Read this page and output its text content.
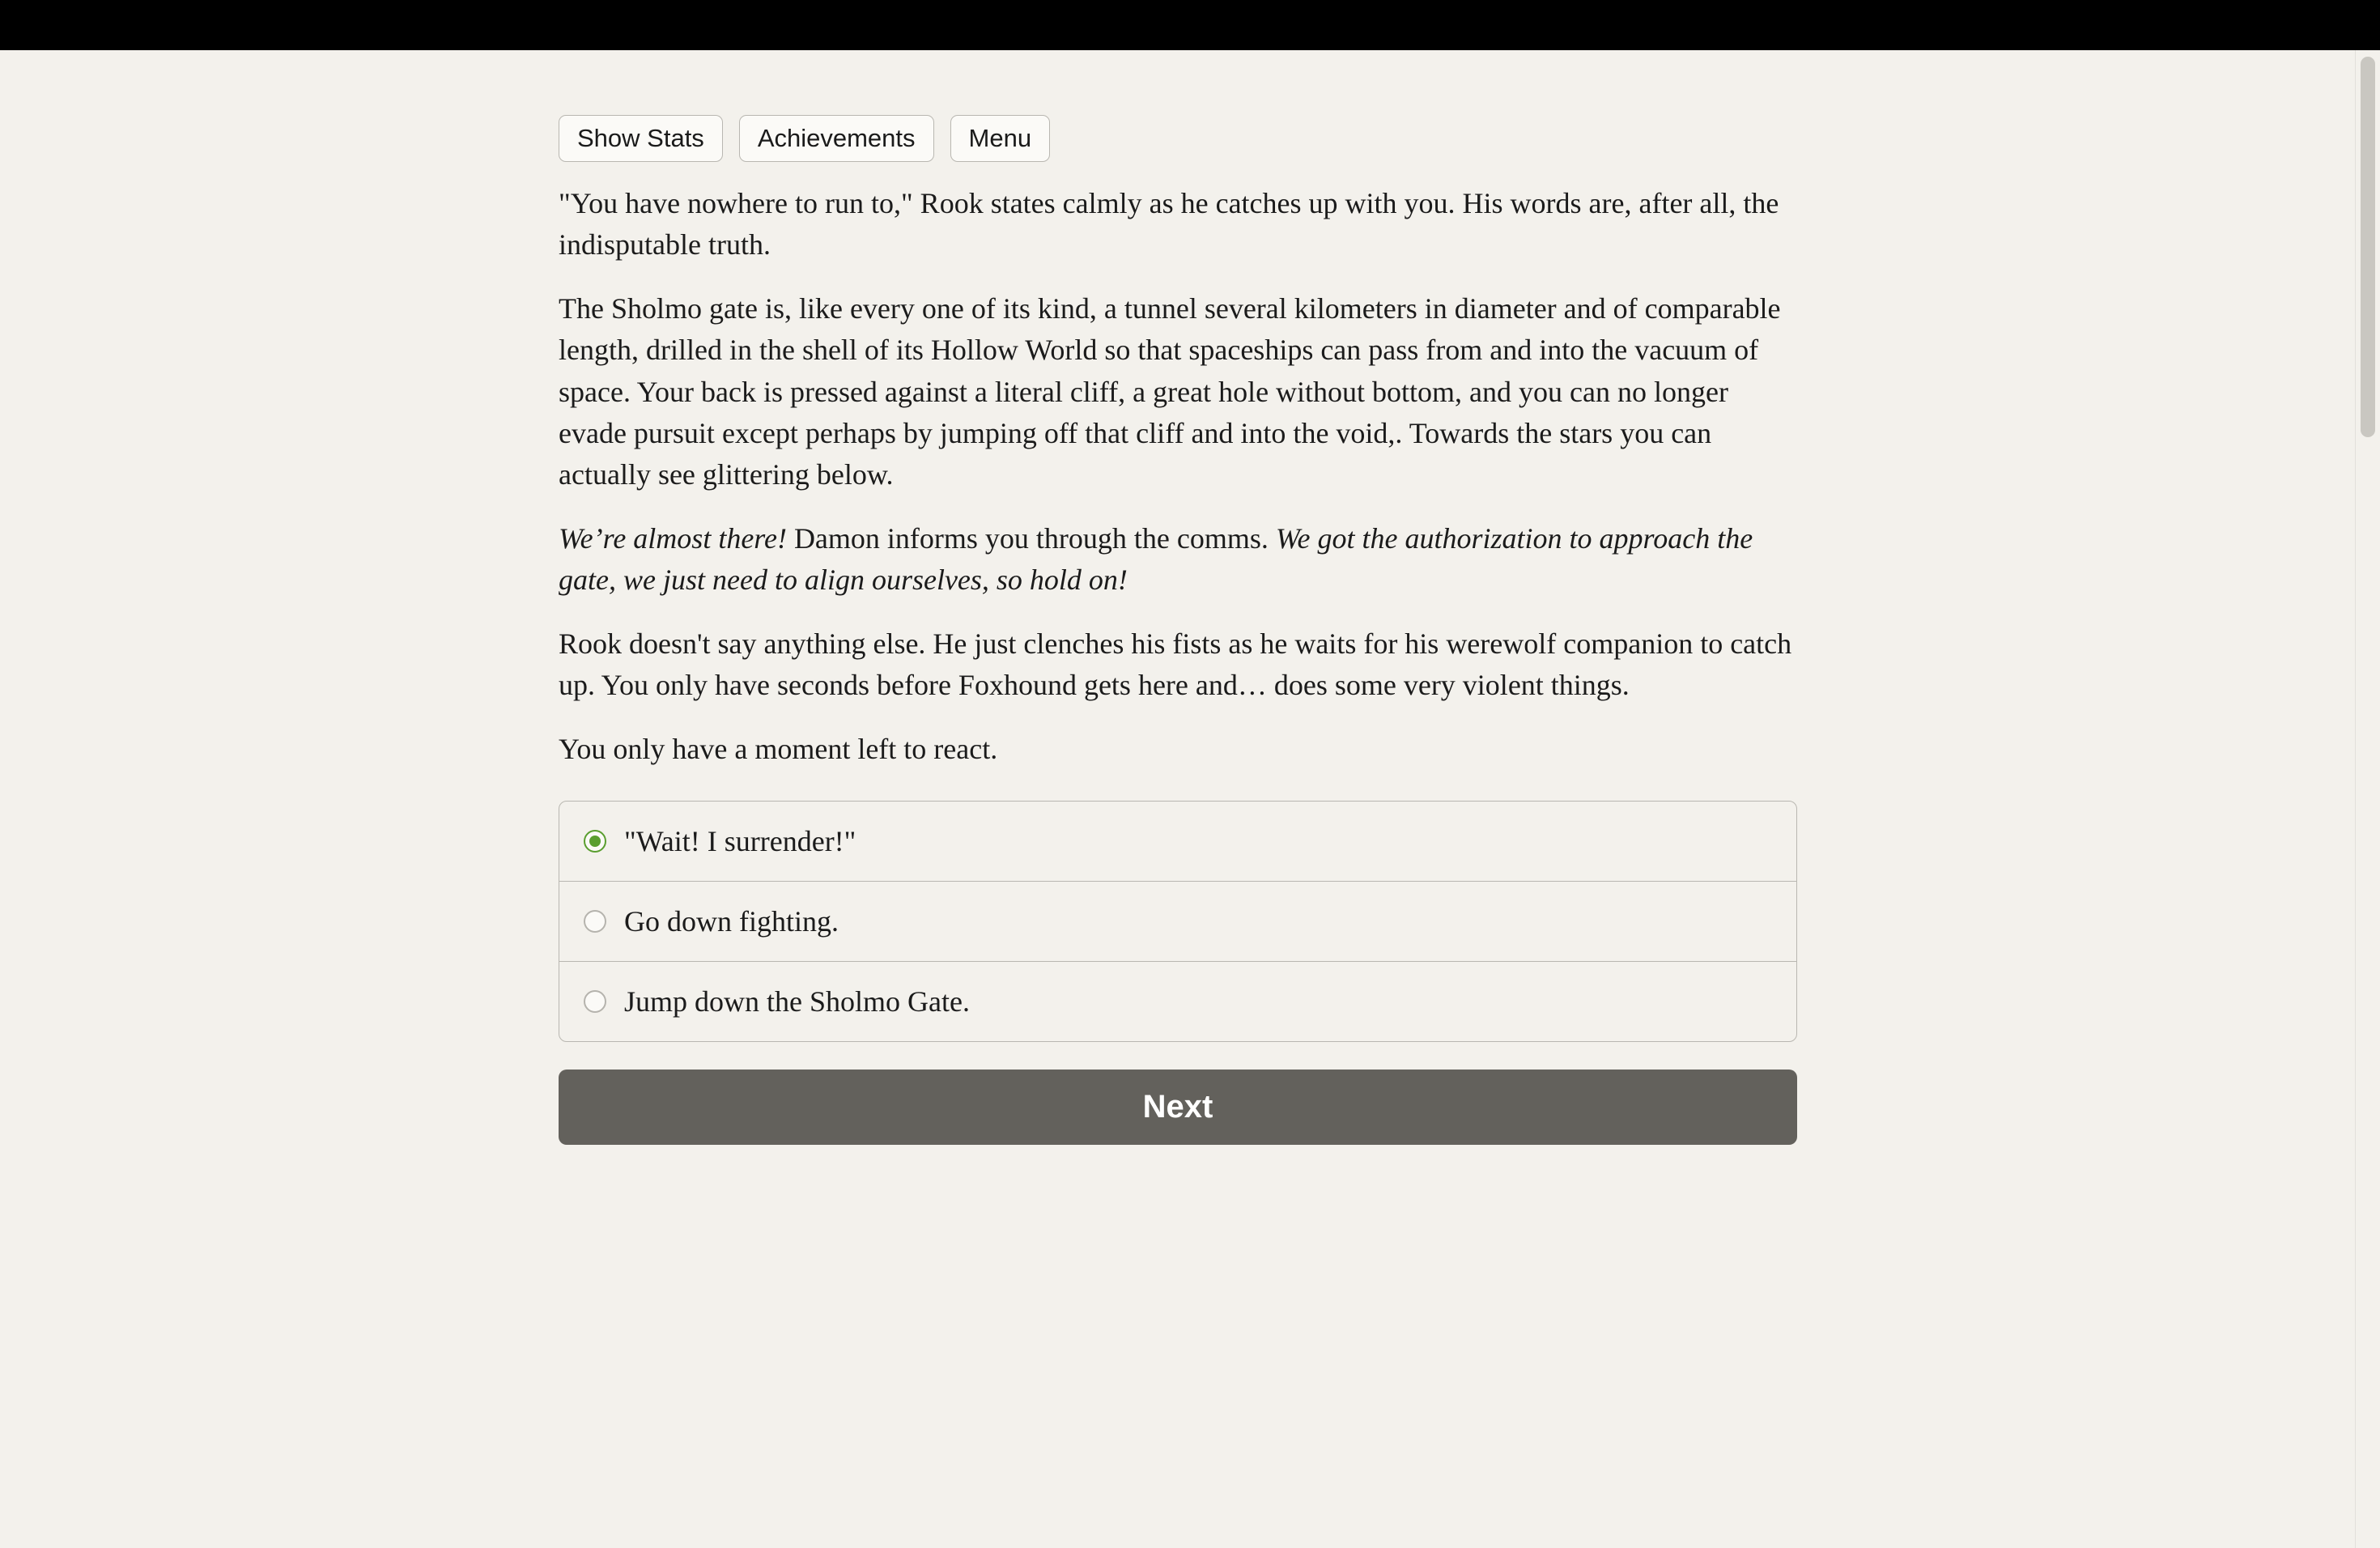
Show Stats	Achievements	Menu

"You have nowhere to run to," Rook states calmly as he catches up with you. His words are, after all, the indisputable truth.

The Sholmo gate is, like every one of its kind, a tunnel several kilometers in diameter and of comparable length, drilled in the shell of its Hollow World so that spaceships can pass from and into the vacuum of space. Your back is pressed against a literal cliff, a great hole without bottom, and you can no longer evade pursuit except perhaps by jumping off that cliff and into the void,. Towards the stars you can actually see glittering below.

We’re almost there! Damon informs you through the comms. We got the authorization to approach the gate, we just need to align ourselves, so hold on!

Rook doesn't say anything else. He just clenches his fists as he waits for his werewolf companion to catch up. You only have seconds before Foxhound gets here and… does some very violent things.

You only have a moment left to react.

"Wait! I surrender!"
Go down fighting.
Jump down the Sholmo Gate.
Next
